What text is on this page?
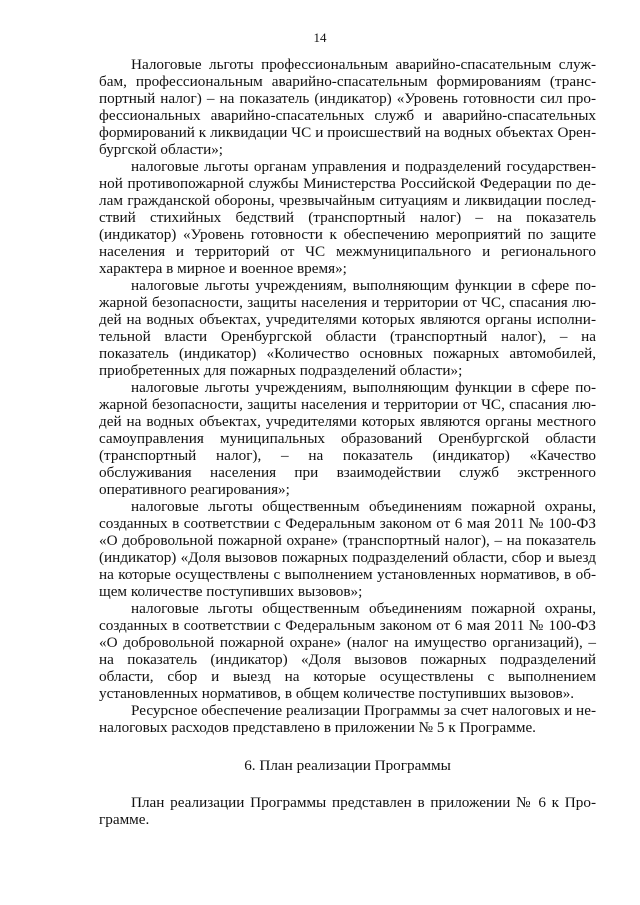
14

Налоговые льготы профессиональным аварийно-спасательным службам, профессиональным аварийно-спасательным формированиям (транспортный налог) – на показатель (индикатор) «Уровень готовности сил профессиональных аварийно-спасательных служб и аварийно-спасательных формирований к ликвидации ЧС и происшествий на водных объектах Оренбургской области»;

налоговые льготы органам управления и подразделений государственной противопожарной службы Министерства Российской Федерации по делам гражданской обороны, чрезвычайным ситуациям и ликвидации последствий стихийных бедствий (транспортный налог) – на показатель (индикатор) «Уровень готовности к обеспечению мероприятий по защите населения и территорий от ЧС межмуниципального и регионального характера в мирное и военное время»;

налоговые льготы учреждениям, выполняющим функции в сфере пожарной безопасности, защиты населения и территории от ЧС, спасания людей на водных объектах, учредителями которых являются органы исполнительной власти Оренбургской области (транспортный налог), – на показатель (индикатор) «Количество основных пожарных автомобилей, приобретенных для пожарных подразделений области»;

налоговые льготы учреждениям, выполняющим функции в сфере пожарной безопасности, защиты населения и территории от ЧС, спасания людей на водных объектах, учредителями которых являются органы местного самоуправления муниципальных образований Оренбургской области (транспортный налог), – на показатель (индикатор) «Качество обслуживания населения при взаимодействии служб экстренного оперативного реагирования»;

налоговые льготы общественным объединениям пожарной охраны, созданных в соответствии с Федеральным законом от 6 мая 2011 № 100-ФЗ «О добровольной пожарной охране» (транспортный налог), – на показатель (индикатор) «Доля вызовов пожарных подразделений области, сбор и выезд на которые осуществлены с выполнением установленных нормативов, в общем количестве поступивших вызовов»;

налоговые льготы общественным объединениям пожарной охраны, созданных в соответствии с Федеральным законом от 6 мая 2011 № 100-ФЗ «О добровольной пожарной охране» (налог на имущество организаций), – на показатель (индикатор) «Доля вызовов пожарных подразделений области, сбор и выезд на которые осуществлены с выполнением установленных нормативов, в общем количестве поступивших вызовов».

Ресурсное обеспечение реализации Программы за счет налоговых и неналоговых расходов представлено в приложении № 5 к Программе.

6. План реализации Программы

План реализации Программы представлен в приложении № 6 к Программе.
